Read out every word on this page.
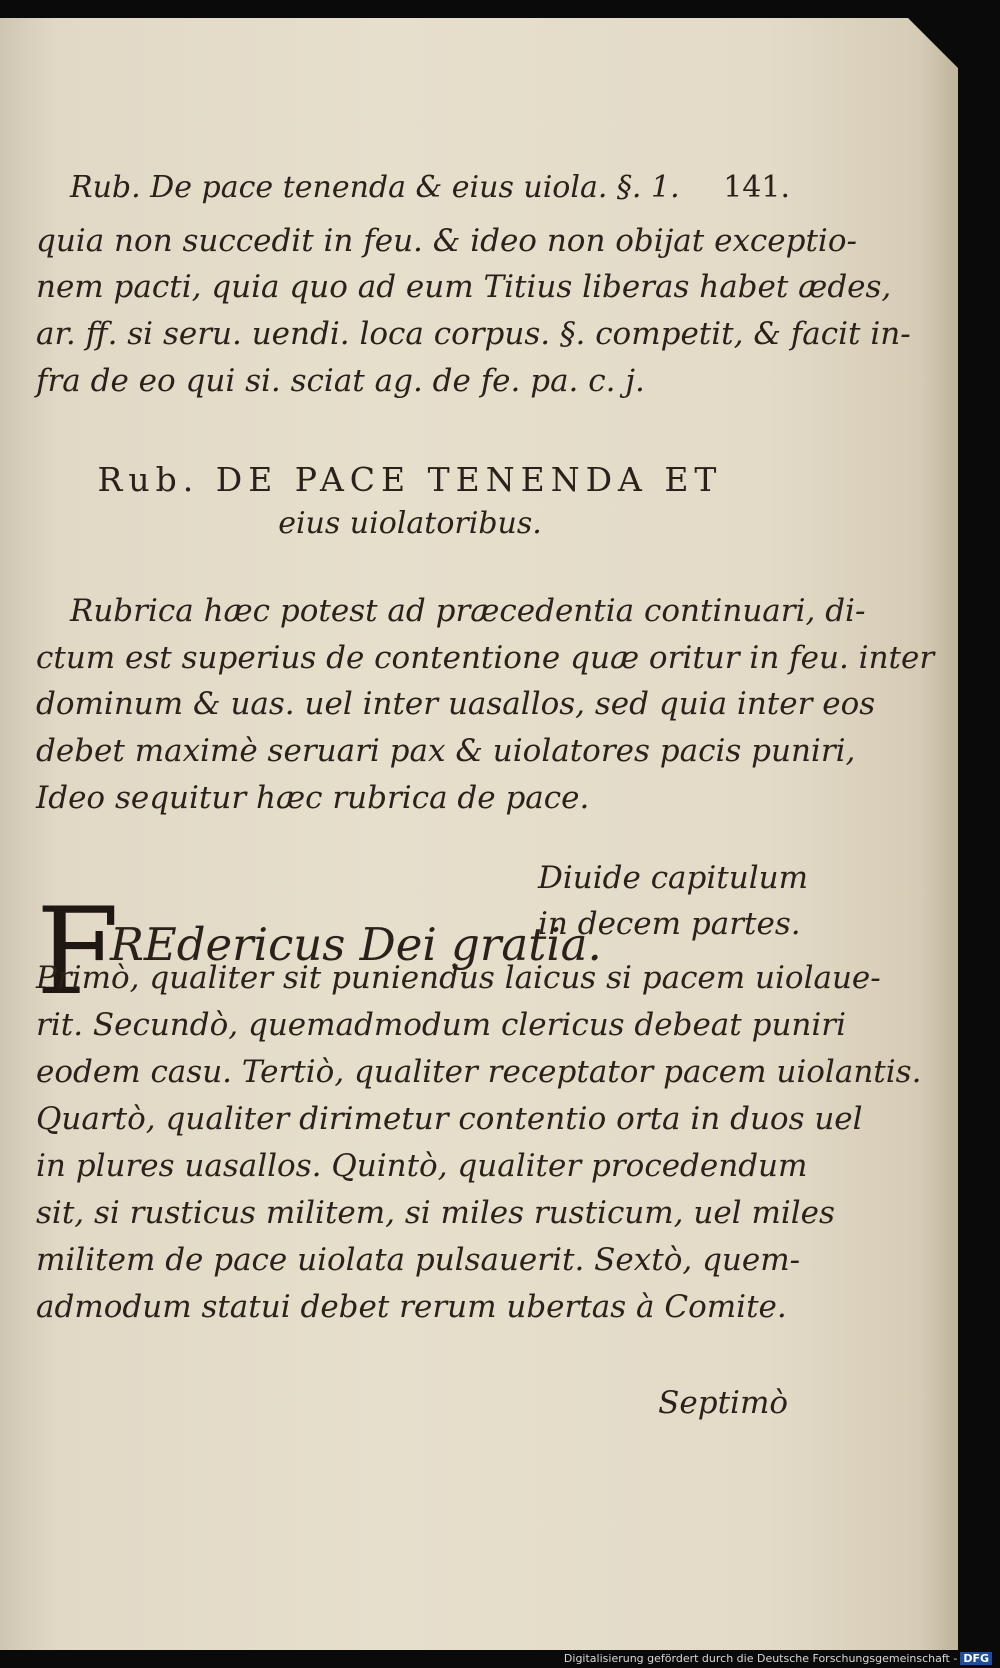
Rub. De pace tenenda & eius uiola. §. 1. 141.
quia non succedit in feu. & ideo non obijat exceptio-
nem pacti, quia quo ad eum Titius liberas habet ædes,
ar. ff. si seru. uendi. loca corpus. §. competit, & facit in-
fra de eo qui si. sciat ag. de fe. pa. c. j.
Rub. DE PACE TENENDA ET
eius uiolatoribus.
Rubrica hæc potest ad præcedentia continuari, di-
ctum est superius de contentione quæ oritur in feu. inter
dominum & uas. uel inter uasallos, sed quia inter eos
debet maximè seruari pax & uiolatores pacis puniri,
Ideo sequitur hæc rubrica de pace.
F
REdericus Dei gratia.
Diuide capitulum
in decem partes.
Primò, qualiter sit puniendus laicus si pacem uiolaue-
rit. Secundò, quemadmodum clericus debeat puniri
eodem casu. Tertiò, qualiter receptator pacem uiolantis.
Quartò, qualiter dirimetur contentio orta in duos uel
in plures uasallos. Quintò, qualiter procedendum
sit, si rusticus militem, si miles rusticum, uel miles
militem de pace uiolata pulsauerit. Sextò, quem-
admodum statui debet rerum ubertas à Comite.
Septimò
Digitalisierung gefördert durch die Deutsche Forschungsgemeinschaft - DFG
